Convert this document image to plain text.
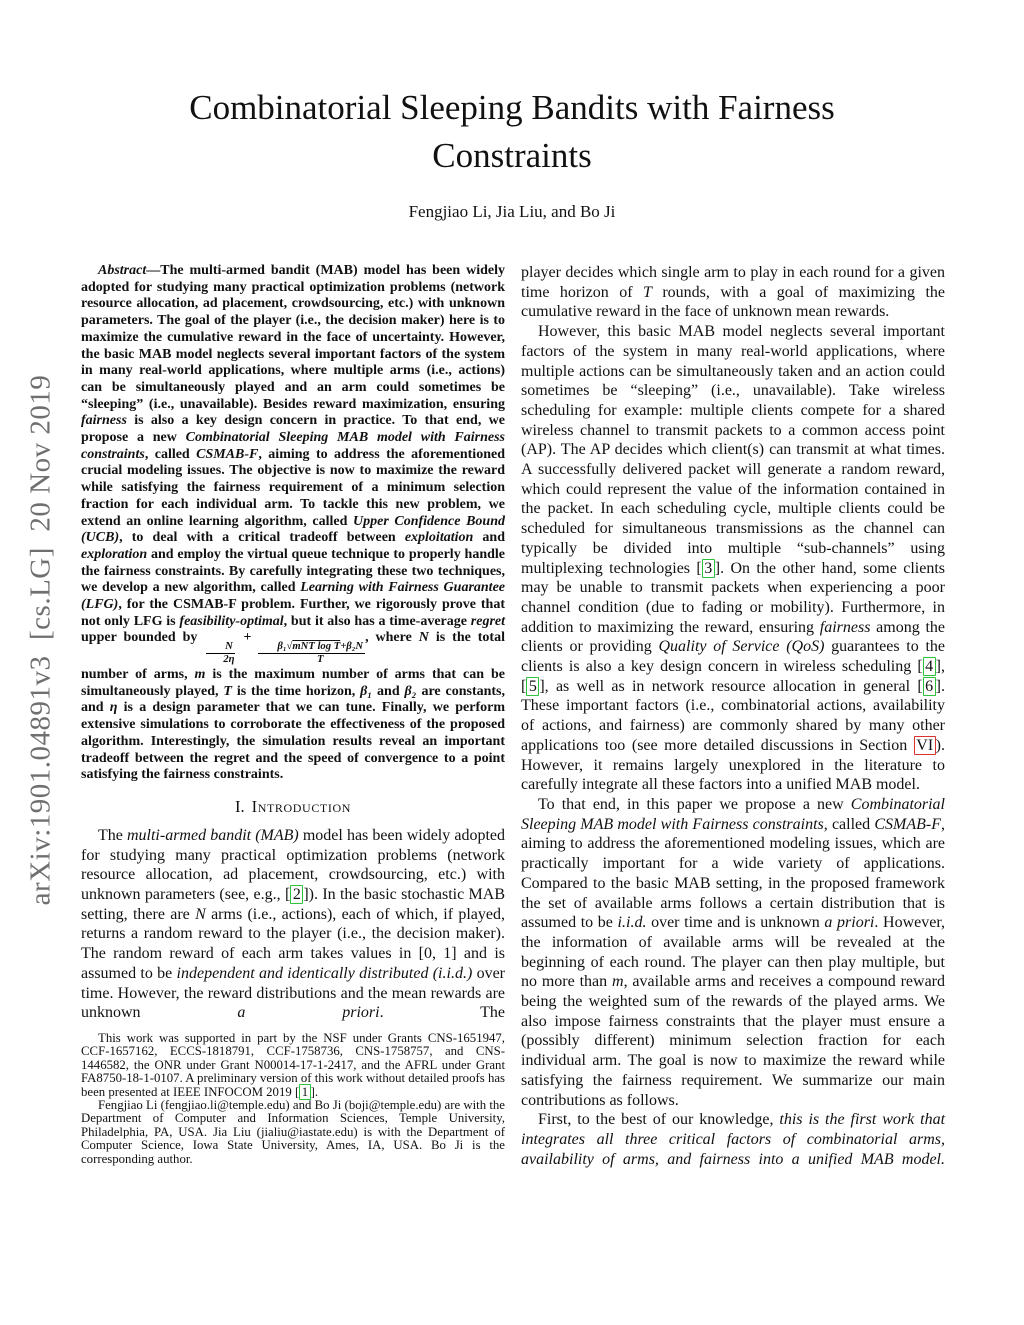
arXiv:1901.04891v3  [cs.LG]  20 Nov 2019
Combinatorial Sleeping Bandits with Fairness Constraints
Fengjiao Li, Jia Liu, and Bo Ji

Abstract—The multi-armed bandit (MAB) model has been widely adopted for studying many practical optimization problems (network resource allocation, ad placement, crowdsourcing, etc.) with unknown parameters. The goal of the player (i.e., the decision maker) here is to maximize the cumulative reward in the face of uncertainty. However, the basic MAB model neglects several important factors of the system in many real-world applications, where multiple arms (i.e., actions) can be simultaneously played and an arm could sometimes be “sleeping” (i.e., unavailable). Besides reward maximization, ensuring fairness is also a key design concern in practice. To that end, we propose a new Combinatorial Sleeping MAB model with Fairness constraints, called CSMAB-F, aiming to address the aforementioned crucial modeling issues. The objective is now to maximize the reward while satisfying the fairness requirement of a minimum selection fraction for each individual arm. To tackle this new problem, we extend an online learning algorithm, called Upper Confidence Bound (UCB), to deal with a critical tradeoff between exploitation and exploration and employ the virtual queue technique to properly handle the fairness constraints. By carefully integrating these two techniques, we develop a new algorithm, called Learning with Fairness Guarantee (LFG), for the CSMAB-F problem. Further, we rigorously prove that not only LFG is feasibility-optimal, but it also has a time-average regret upper bounded by
$\frac{N}{2\eta}$
+
$\frac{\text{β₁√mNT log T+β₂N}}{T}$
, where N is the total number of arms, m is the maximum number of arms that can be simultaneously played, T is the time horizon, β₁ and β₂ are constants, and η is a design parameter that we can tune. Finally, we perform extensive simulations to corroborate the effectiveness of the proposed algorithm. Interestingly, the simulation results reveal an important tradeoff between the regret and the speed of convergence to a point satisfying the fairness constraints.

I. Introduction

The multi-armed bandit (MAB) model has been widely adopted for studying many practical optimization problems (network resource allocation, ad placement, crowdsourcing, etc.) with unknown parameters (see, e.g., [ 2 ]). In the basic stochastic MAB setting, there are N arms (i.e., actions), each of which, if played, returns a random reward to the player (i.e., the decision maker). The random reward of each arm takes values in [0, 1] and is assumed to be independent and identically distributed (i.i.d.) over time. However, the reward distributions and the mean rewards are unknown a priori. The

This work was supported in part by the NSF under Grants CNS-1651947, CCF-1657162, ECCS-1818791, CCF-1758736, CNS-1758757, and CNS-1446582, the ONR under Grant N00014-17-1-2417, and the AFRL under Grant FA8750-18-1-0107. A preliminary version of this work without detailed proofs has been presented at IEEE INFOCOM 2019 [ 1 ].

Fengjiao Li (fengjiao.li@temple.edu) and Bo Ji (boji@temple.edu) are with the Department of Computer and Information Sciences, Temple University, Philadelphia, PA, USA. Jia Liu (jialiu@iastate.edu) is with the Department of Computer Science, Iowa State University, Ames, IA, USA. Bo Ji is the corresponding author.

player decides which single arm to play in each round for a given time horizon of T rounds, with a goal of maximizing the cumulative reward in the face of unknown mean rewards.

However, this basic MAB model neglects several important factors of the system in many real-world applications, where multiple actions can be simultaneously taken and an action could sometimes be “sleeping” (i.e., unavailable). Take wireless scheduling for example: multiple clients compete for a shared wireless channel to transmit packets to a common access point (AP). The AP decides which client(s) can transmit at what times. A successfully delivered packet will generate a random reward, which could represent the value of the information contained in the packet. In each scheduling cycle, multiple clients could be scheduled for simultaneous transmissions as the channel can typically be divided into multiple “sub-channels” using multiplexing technologies [ 3 ]. On the other hand, some clients may be unable to transmit packets when experiencing a poor channel condition (due to fading or mobility). Furthermore, in addition to maximizing the reward, ensuring fairness among the clients or providing Quality of Service (QoS) guarantees to the clients is also a key design concern in wireless scheduling [ 4 ], [ 5 ], as well as in network resource allocation in general [ 6 ]. These important factors (i.e., combinatorial actions, availability of actions, and fairness) are commonly shared by many other applications too (see more detailed discussions in Section VI ). However, it remains largely unexplored in the literature to carefully integrate all these factors into a unified MAB model.

To that end, in this paper we propose a new Combinatorial Sleeping MAB model with Fairness constraints, called CSMAB-F, aiming to address the aforementioned modeling issues, which are practically important for a wide variety of applications. Compared to the basic MAB setting, in the proposed framework the set of available arms follows a certain distribution that is assumed to be i.i.d. over time and is unknown a priori. However, the information of available arms will be revealed at the beginning of each round. The player can then play multiple, but no more than m, available arms and receives a compound reward being the weighted sum of the rewards of the played arms. We also impose fairness constraints that the player must ensure a (possibly different) minimum selection fraction for each individual arm. The goal is now to maximize the reward while satisfying the fairness requirement. We summarize our main contributions as follows.

First, to the best of our knowledge, this is the first work that integrates all three critical factors of combinatorial arms, availability of arms, and fairness into a unified MAB model.
